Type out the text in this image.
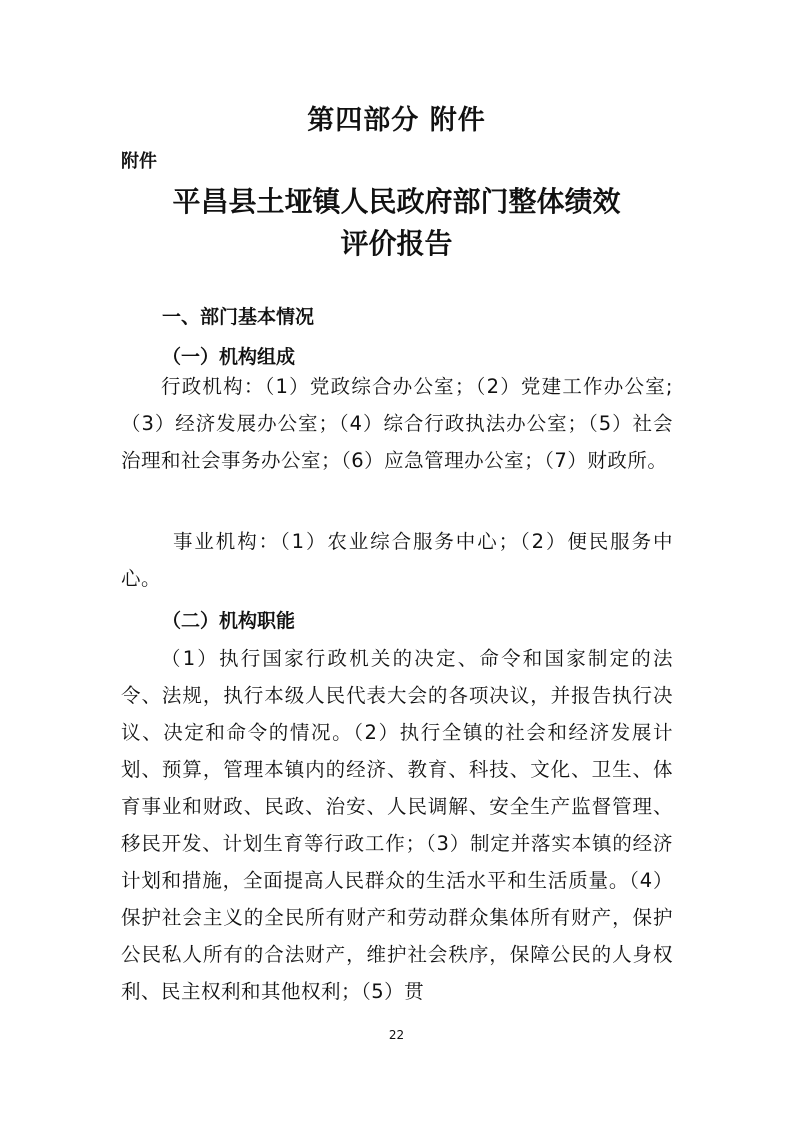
第四部分 附件
附件
平昌县土垭镇人民政府部门整体绩效
评价报告
一、部门基本情况
（一）机构组成

行政机构：（1）党政综合办公室；（2）党建工作办公室;（3）经济发展办公室；（4）综合行政执法办公室；（5）社会治理和社会事务办公室；（6）应急管理办公室；（7）财政所。

事业机构：（1）农业综合服务中心；（2）便民服务中心。

（二）机构职能

（1）执行国家行政机关的决定、命令和国家制定的法令、法规，执行本级人民代表大会的各项决议，并报告执行决议、决定和命令的情况。（2）执行全镇的社会和经济发展计划、预算，管理本镇内的经济、教育、科技、文化、卫生、体育事业和财政、民政、治安、人民调解、安全生产监督管理、移民开发、计划生育等行政工作；（3）制定并落实本镇的经济计划和措施，全面提高人民群众的生活水平和生活质量。（4）保护社会主义的全民所有财产和劳动群众集体所有财产，保护公民私人所有的合法财产，维护社会秩序，保障公民的人身权利、民主权利和其他权利；（5）贯

22
